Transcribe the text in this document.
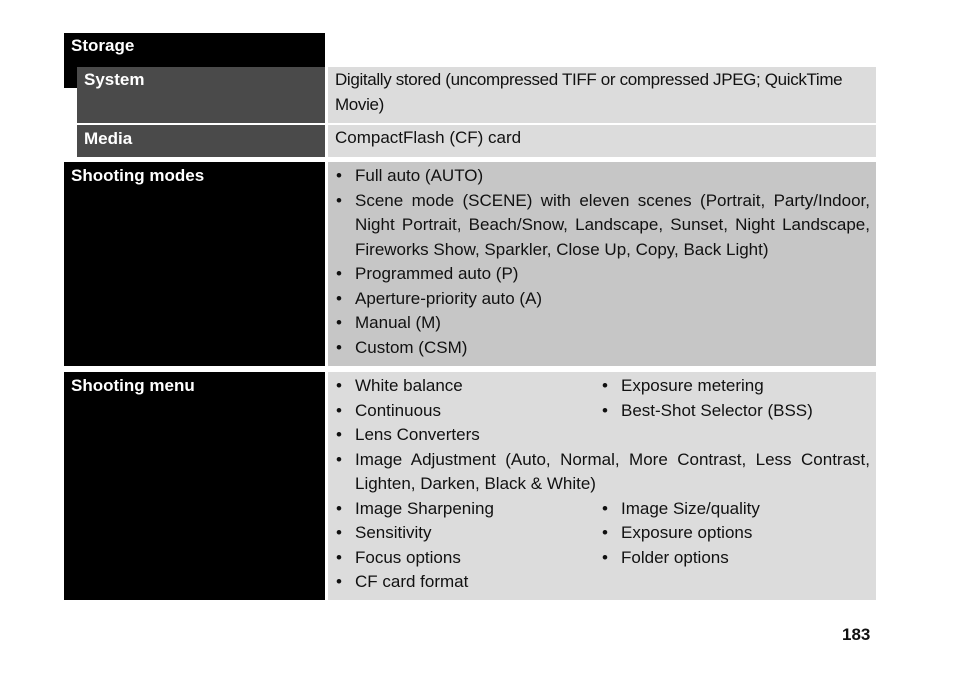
Storage
System	Digitally stored (uncompressed TIFF or compressed JPEG; QuickTime Movie)
Media	CompactFlash (CF) card
Shooting modes	• Full auto (AUTO)
• Scene mode (SCENE) with eleven scenes (Portrait, Party/Indoor, Night Portrait, Beach/Snow, Landscape, Sunset, Night Landscape, Fireworks Show, Sparkler, Close Up, Copy, Back Light)
• Programmed auto (P)
• Aperture-priority auto (A)
• Manual (M)
• Custom (CSM)
Shooting menu	• White balance	• Exposure metering
• Continuous	• Best-Shot Selector (BSS)
• Lens Converters
• Image Adjustment (Auto, Normal, More Contrast, Less Contrast, Lighten, Darken, Black & White)
• Image Sharpening	• Image Size/quality
• Sensitivity	• Exposure options
• Focus options	• Folder options
• CF card format
183
